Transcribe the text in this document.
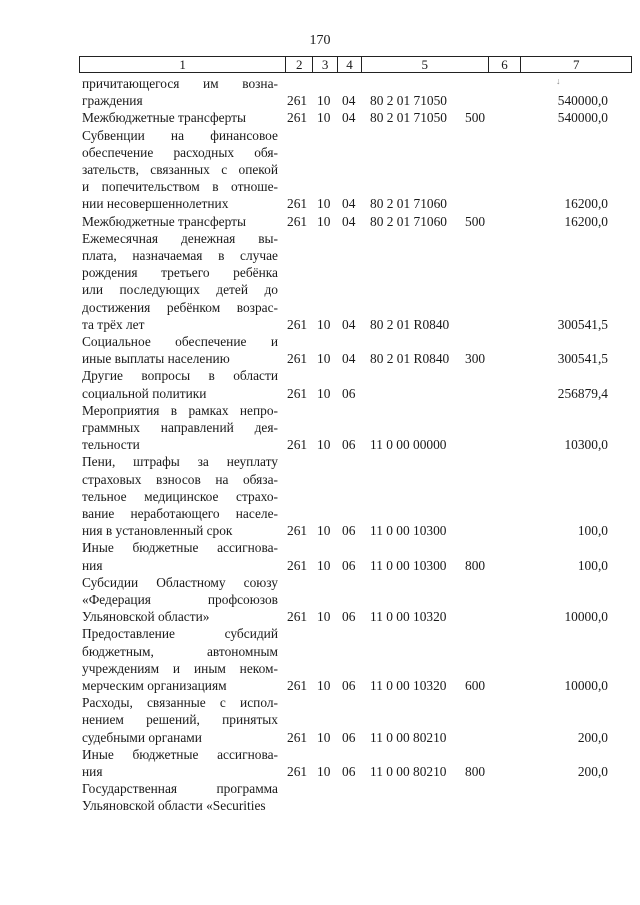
170
1	2	3	4	5	6	7
↓
причитающегося им возна-
граждения	261 10 04 80 2 01 71050	540000,0
Межбюджетные трансферты	261 10 04 80 2 01 71050 500	540000,0
Субвенции на финансовое
обеспечение расходных обя-
зательств, связанных с опекой
и попечительством в отноше-
нии несовершеннолетних	261 10 04 80 2 01 71060	16200,0
Межбюджетные трансферты	261 10 04 80 2 01 71060 500	16200,0
Ежемесячная денежная вы-
плата, назначаемая в случае
рождения третьего ребёнка
или последующих детей до
достижения ребёнком возрас-
та трёх лет	261 10 04 80 2 01 R0840	300541,5
Социальное обеспечение и
иные выплаты населению	261 10 04 80 2 01 R0840 300	300541,5
Другие вопросы в области
социальной политики	261 10 06	256879,4
Мероприятия в рамках непро-
граммных направлений дея-
тельности	261 10 06 11 0 00 00000	10300,0
Пени, штрафы за неуплату
страховых взносов на обяза-
тельное медицинское страхо-
вание неработающего населе-
ния в установленный срок	261 10 06 11 0 00 10300	100,0
Иные бюджетные ассигнова-
ния	261 10 06 11 0 00 10300 800	100,0
Субсидии Областному союзу
«Федерация профсоюзов
Ульяновской области»	261 10 06 11 0 00 10320	10000,0
Предоставление субсидий
бюджетным, автономным
учреждениям и иным неком-
мерческим организациям	261 10 06 11 0 00 10320 600	10000,0
Расходы, связанные с испол-
нением решений, принятых
судебными органами	261 10 06 11 0 00 80210	200,0
Иные бюджетные ассигнова-
ния	261 10 06 11 0 00 80210 800	200,0
Государственная программа
Ульяновской области «Securities
